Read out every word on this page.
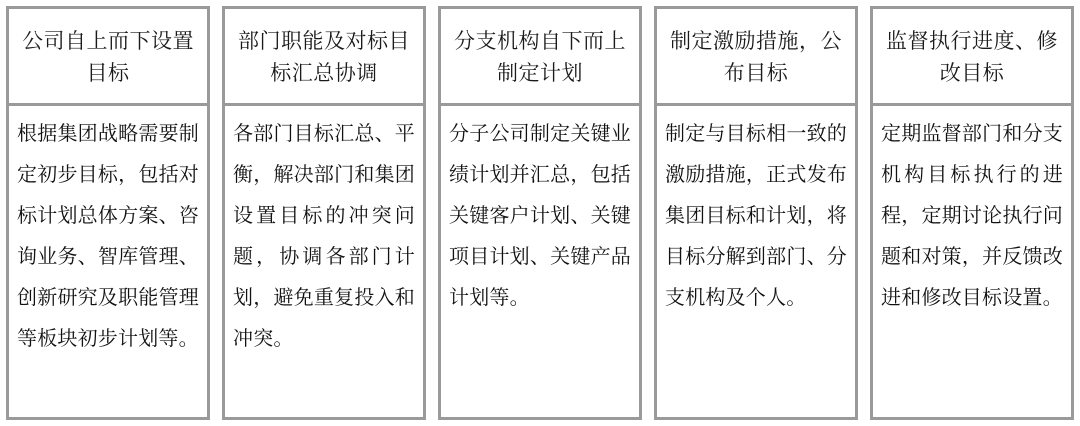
公司自上而下设置目标
根据集团战略需要制定初步目标，包括对标计划总体方案、咨询业务、智库管理、创新研究及职能管理等板块初步计划等。
部门职能及对标目标汇总协调
各部门目标汇总、平衡，解决部门和集团设置目标的冲突问题，协调各部门计划，避免重复投入和冲突。
分支机构自下而上制定计划
分子公司制定关键业绩计划并汇总，包括关键客户计划、关键项目计划、关键产品计划等。
制定激励措施，公布目标
制定与目标相一致的激励措施，正式发布集团目标和计划，将目标分解到部门、分支机构及个人。
监督执行进度、修改目标
定期监督部门和分支机构目标执行的进程，定期讨论执行问题和对策，并反馈改进和修改目标设置。
